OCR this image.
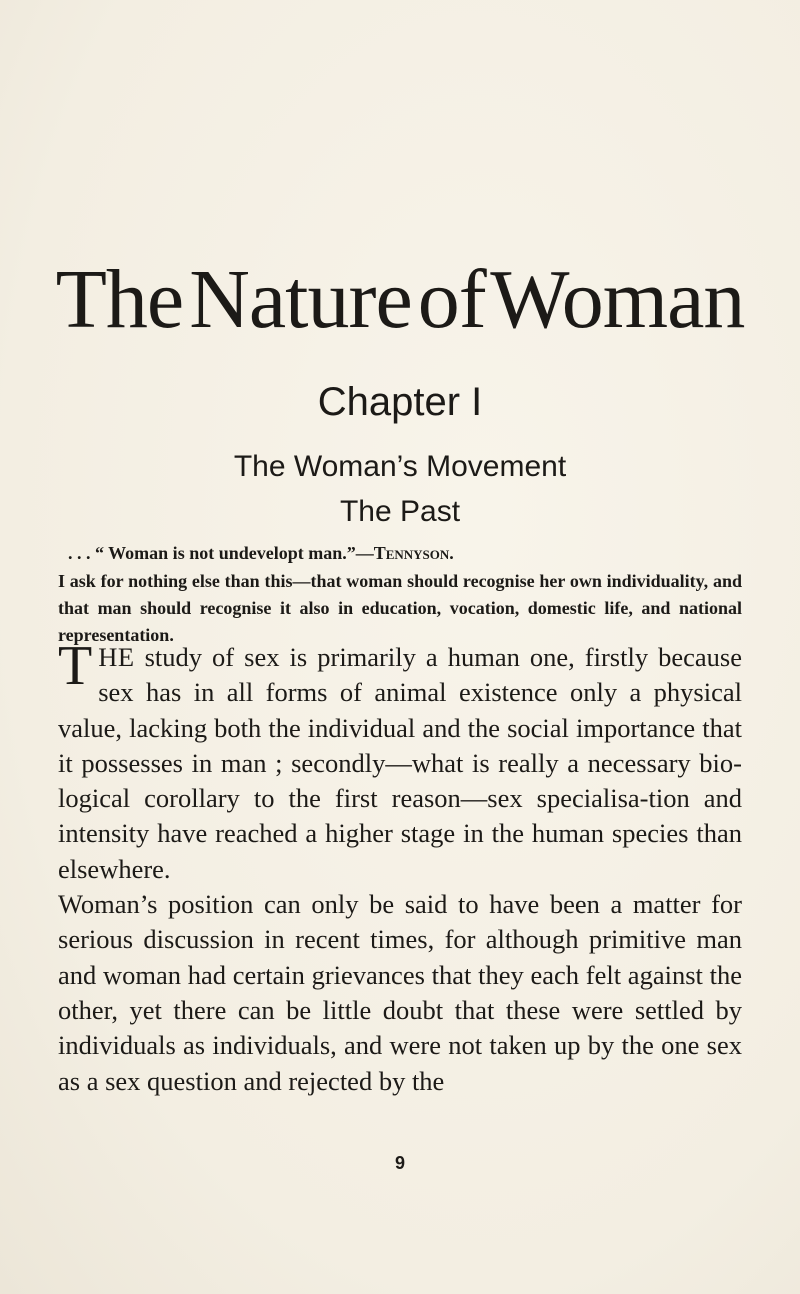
The Nature of Woman
Chapter I
The Woman’s Movement
The Past
. . . “ Woman is not undevelopt man.”—Tennyson.

I ask for nothing else than this—that woman should recognise her own individuality, and that man should recognise it also in education, vocation, domestic life, and national representation.

THE study of sex is primarily a human one, firstly because sex has in all forms of animal existence only a physical value, lacking both the individual and the social importance that it possesses in man ; secondly—what is really a necessary bio-logical corollary to the first reason—sex specialisa-tion and intensity have reached a higher stage in the human species than elsewhere.

Woman’s position can only be said to have been a matter for serious discussion in recent times, for although primitive man and woman had certain grievances that they each felt against the other, yet there can be little doubt that these were settled by individuals as individuals, and were not taken up by the one sex as a sex question and rejected by the

9
